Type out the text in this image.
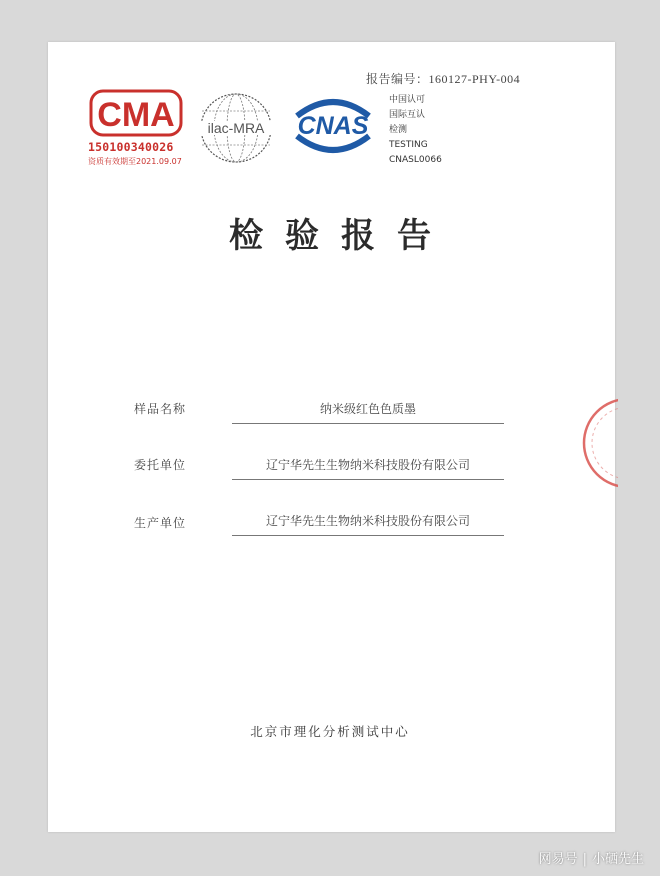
报告编号：160127-PHY-004
CMA
150100340026
资质有效期至2021.09.07
ilac-MRA CNAS
中国认可
国际互认
检测
TESTING
CNASL0066
检验报告
样品名称	纳米级红色色质墨
委托单位	辽宁华先生生物纳米科技股份有限公司
生产单位	辽宁华先生生物纳米科技股份有限公司
北京市理化分析测试中心
网易号 | 小硒先生
